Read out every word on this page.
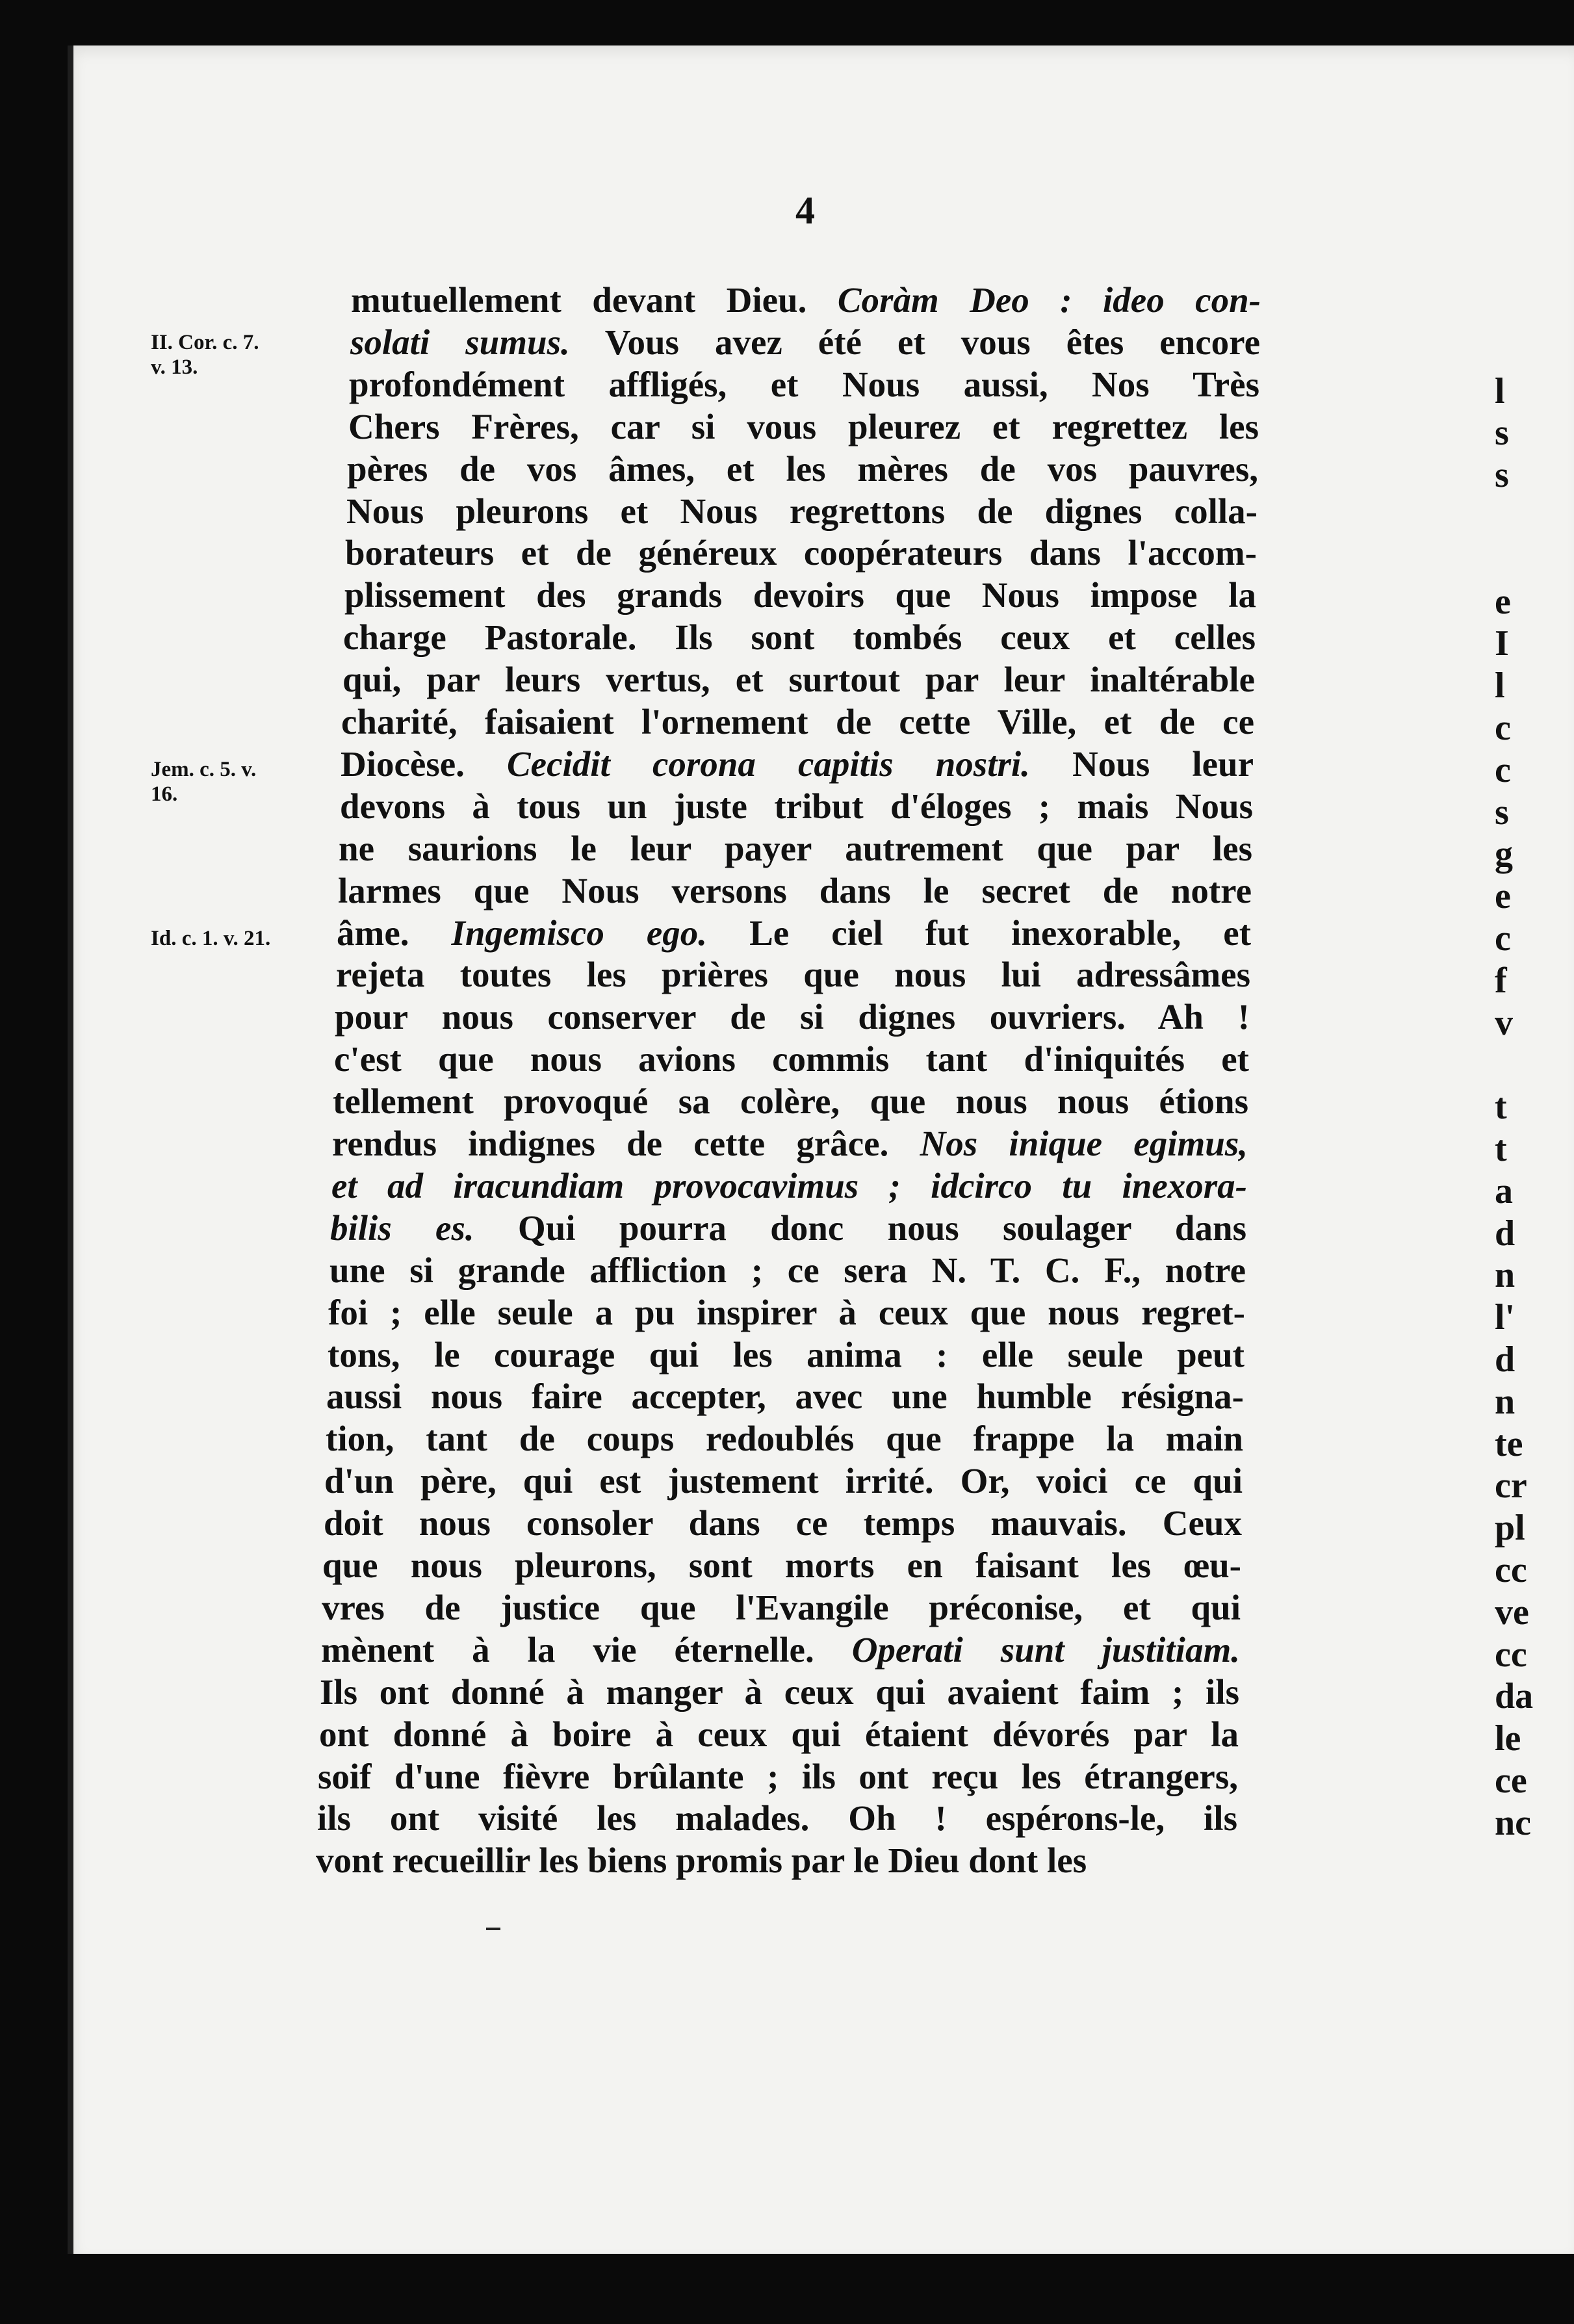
4
II. Cor. c. 7.
v. 13.
Jem. c. 5. v.
16.
Id. c. 1. v. 21.
mutuellement devant Dieu. Coràm Deo : ideo con-
solati sumus. Vous avez été et vous êtes encore
profondément affligés, et Nous aussi, Nos Très
Chers Frères, car si vous pleurez et regrettez les
pères de vos âmes, et les mères de vos pauvres,
Nous pleurons et Nous regrettons de dignes colla-
borateurs et de généreux coopérateurs dans l'accom-
plissement des grands devoirs que Nous impose la
charge Pastorale. Ils sont tombés ceux et celles
qui, par leurs vertus, et surtout par leur inaltérable
charité, faisaient l'ornement de cette Ville, et de ce
Diocèse. Cecidit corona capitis nostri. Nous leur
devons à tous un juste tribut d'éloges ; mais Nous
ne saurions le leur payer autrement que par les
larmes que Nous versons dans le secret de notre
âme. Ingemisco ego. Le ciel fut inexorable, et
rejeta toutes les prières que nous lui adressâmes
pour nous conserver de si dignes ouvriers. Ah !
c'est que nous avions commis tant d'iniquités et
tellement provoqué sa colère, que nous nous étions
rendus indignes de cette grâce. Nos inique egimus,
et ad iracundiam provocavimus ; idcirco tu inexora-
bilis es. Qui pourra donc nous soulager dans
une si grande affliction ; ce sera N. T. C. F., notre
foi ; elle seule a pu inspirer à ceux que nous regret-
tons, le courage qui les anima : elle seule peut
aussi nous faire accepter, avec une humble résigna-
tion, tant de coups redoublés que frappe la main
d'un père, qui est justement irrité. Or, voici ce qui
doit nous consoler dans ce temps mauvais. Ceux
que nous pleurons, sont morts en faisant les œu-
vres de justice que l'Evangile préconise, et qui
mènent à la vie éternelle. Operati sunt justitiam.
Ils ont donné à manger à ceux qui avaient faim ; ils
ont donné à boire à ceux qui étaient dévorés par la
soif d'une fièvre brûlante ; ils ont reçu les étrangers,
ils ont visité les malades. Oh ! espérons-le, ils
vont recueillir les biens promis par le Dieu dont les
l
s
s
e
I
l
c
c
s
g
e
c
f
v
t
t
a
d
n
l'
d
n
te
cr
pl
cc
ve
cc
da
le
ce
nc
